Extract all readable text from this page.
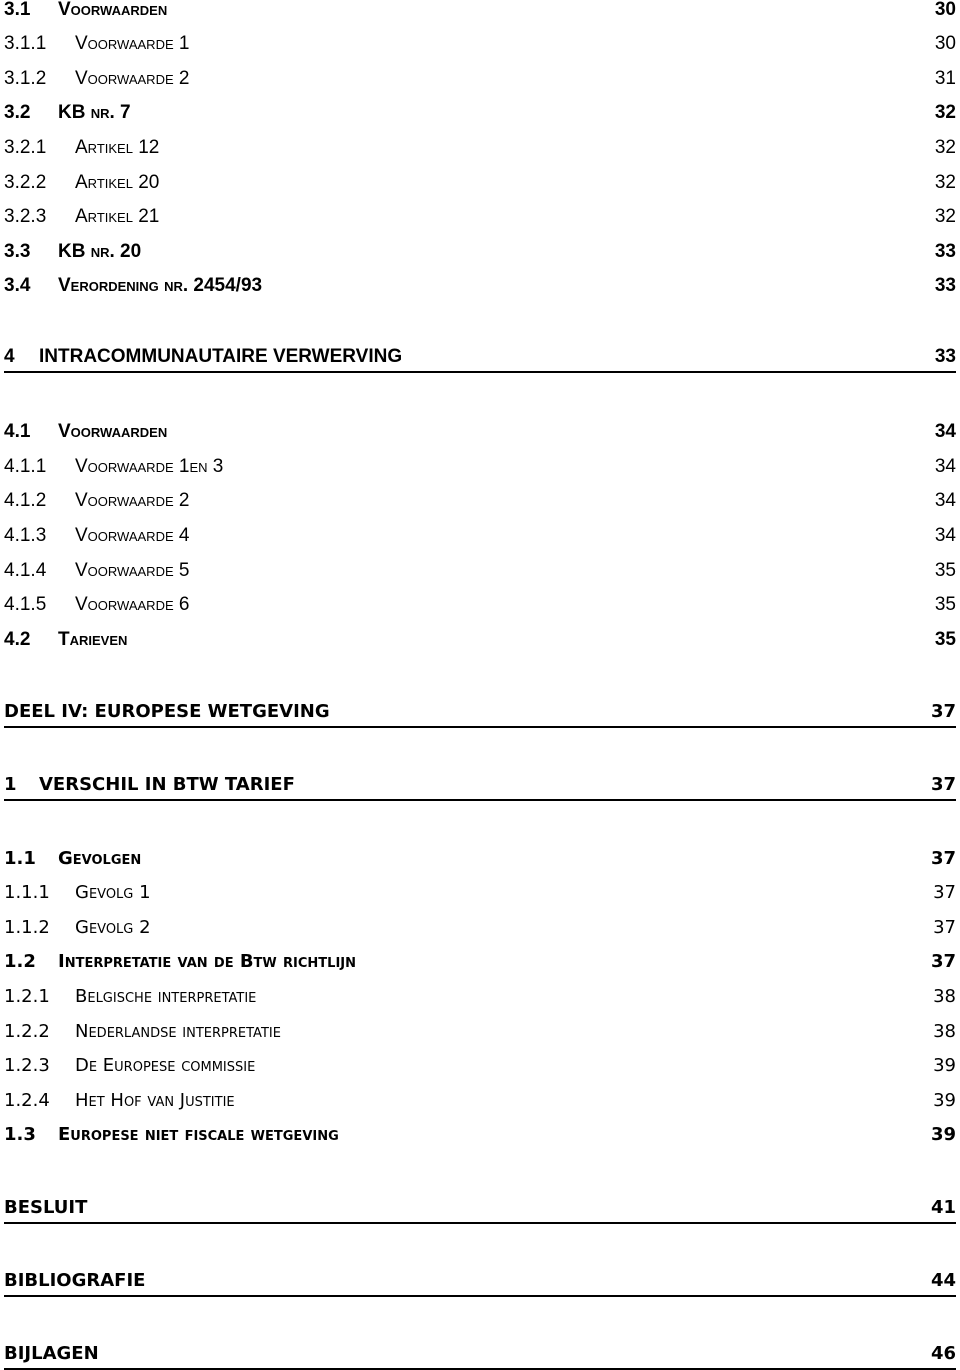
3.1 Voorwaarden	30
3.1.1 Voorwaarde 1	30
3.1.2 Voorwaarde 2	31
3.2 KB nr. 7	32
3.2.1 Artikel 12	32
3.2.2 Artikel 20	32
3.2.3 Artikel 21	32
3.3 KB nr. 20	33
3.4 Verordening nr. 2454/93	33
4 INTRACOMMUNAUTAIRE VERWERVING	33
4.1 Voorwaarden	34
4.1.1 Voorwaarde 1en 3	34
4.1.2 Voorwaarde 2	34
4.1.3 Voorwaarde 4	34
4.1.4 Voorwaarde 5	35
4.1.5 Voorwaarde 6	35
4.2 Tarieven	35
DEEL IV: EUROPESE WETGEVING	37
1 VERSCHIL IN BTW TARIEF	37
1.1 Gevolgen	37
1.1.1 Gevolg 1	37
1.1.2 Gevolg 2	37
1.2 Interpretatie van de Btw richtlijn	37
1.2.1 Belgische interpretatie	38
1.2.2 Nederlandse interpretatie	38
1.2.3 De Europese commissie	39
1.2.4 Het Hof van Justitie	39
1.3 Europese niet fiscale wetgeving	39
BESLUIT	41
BIBLIOGRAFIE	44
BIJLAGEN	46
